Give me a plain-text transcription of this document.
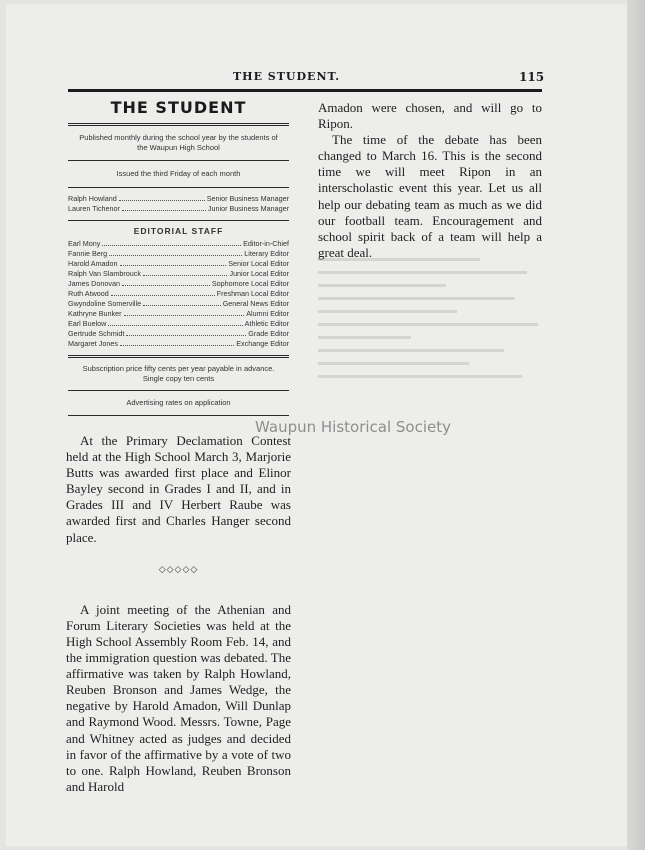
THE STUDENT.	115
THE STUDENT
Published monthly during the school year by the students of the Waupun High School
Issued the third Friday of each month
Ralph Howland	Senior Business Manager
Lauren Tichenor	Junior Business Manager
EDITORIAL STAFF
Earl Mony	Editor-in-Chief
Fannie Berg	Literary Editor
Harold Amadon	Senior Local Editor
Ralph Van Slambrouck	Junior Local Editor
James Donovan	Sophomore Local Editor
Ruth Atwood	Freshman Local Editor
Gwyndoline Somerville	General News Editor
Kathryne Bunker	Alumni Editor
Earl Buelow	Athletic Editor
Gertrude Schmidt	Grade Editor
Margaret Jones	Exchange Editor
Subscription price fifty cents per year payable in advance. Single copy ten cents
Advertising rates on application
Waupun Historical Society

At the Primary Declamation Contest held at the High School March 3, Marjorie Butts was awarded first place and Elinor Bayley second in Grades I and II, and in Grades III and IV Herbert Raube was awarded first and Charles Hanger second place.

◇◇◇◇◇

A joint meeting of the Athenian and Forum Literary Societies was held at the High School Assembly Room Feb. 14, and the immigration question was debated. The affirmative was taken by Ralph Howland, Reuben Bronson and James Wedge, the negative by Harold Amadon, Will Dunlap and Raymond Wood. Messrs. Towne, Page and Whitney acted as judges and decided in favor of the affirmative by a vote of two to one. Ralph Howland, Reuben Bronson and Harold

Amadon were chosen, and will go to Ripon.

The time of the debate has been changed to March 16. This is the second time we will meet Ripon in an interscholastic event this year. Let us all help our debating team as much as we did our football team. Encouragement and school spirit back of a team will help a great deal.
